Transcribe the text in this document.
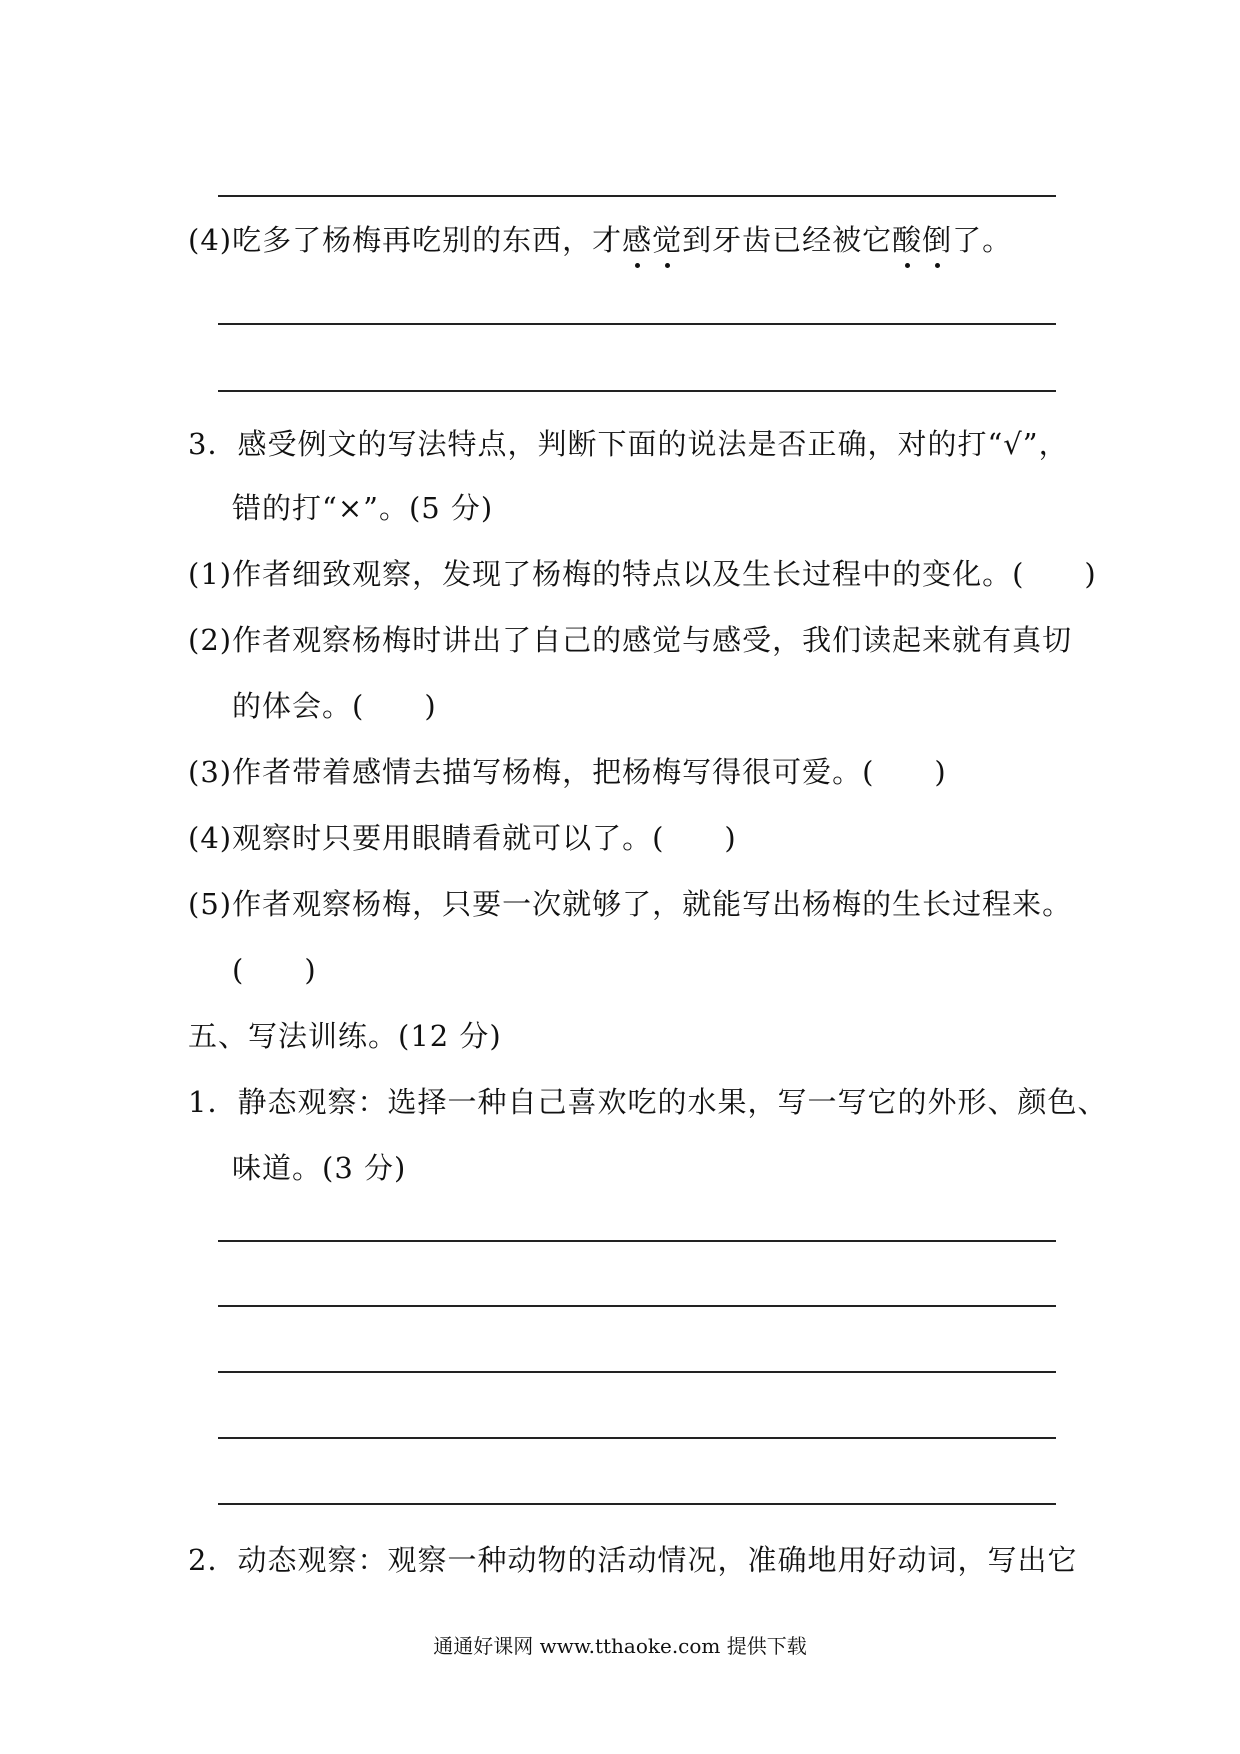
(4)吃多了杨梅再吃别的东西，才感觉到牙齿已经被它酸倒了。
3．感受例文的写法特点，判断下面的说法是否正确，对的打“√”，
错的打“×”。(5 分)
(1)作者细致观察，发现了杨梅的特点以及生长过程中的变化。(　　)
(2)作者观察杨梅时讲出了自己的感觉与感受，我们读起来就有真切
的体会。(　　)
(3)作者带着感情去描写杨梅，把杨梅写得很可爱。(　　)
(4)观察时只要用眼睛看就可以了。(　　)
(5)作者观察杨梅，只要一次就够了，就能写出杨梅的生长过程来。
(　　)
五、写法训练。(12 分)
1．静态观察：选择一种自己喜欢吃的水果，写一写它的外形、颜色、
味道。(3 分)
2．动态观察：观察一种动物的活动情况，准确地用好动词，写出它
通通好课网 www.tthaoke.com 提供下载
